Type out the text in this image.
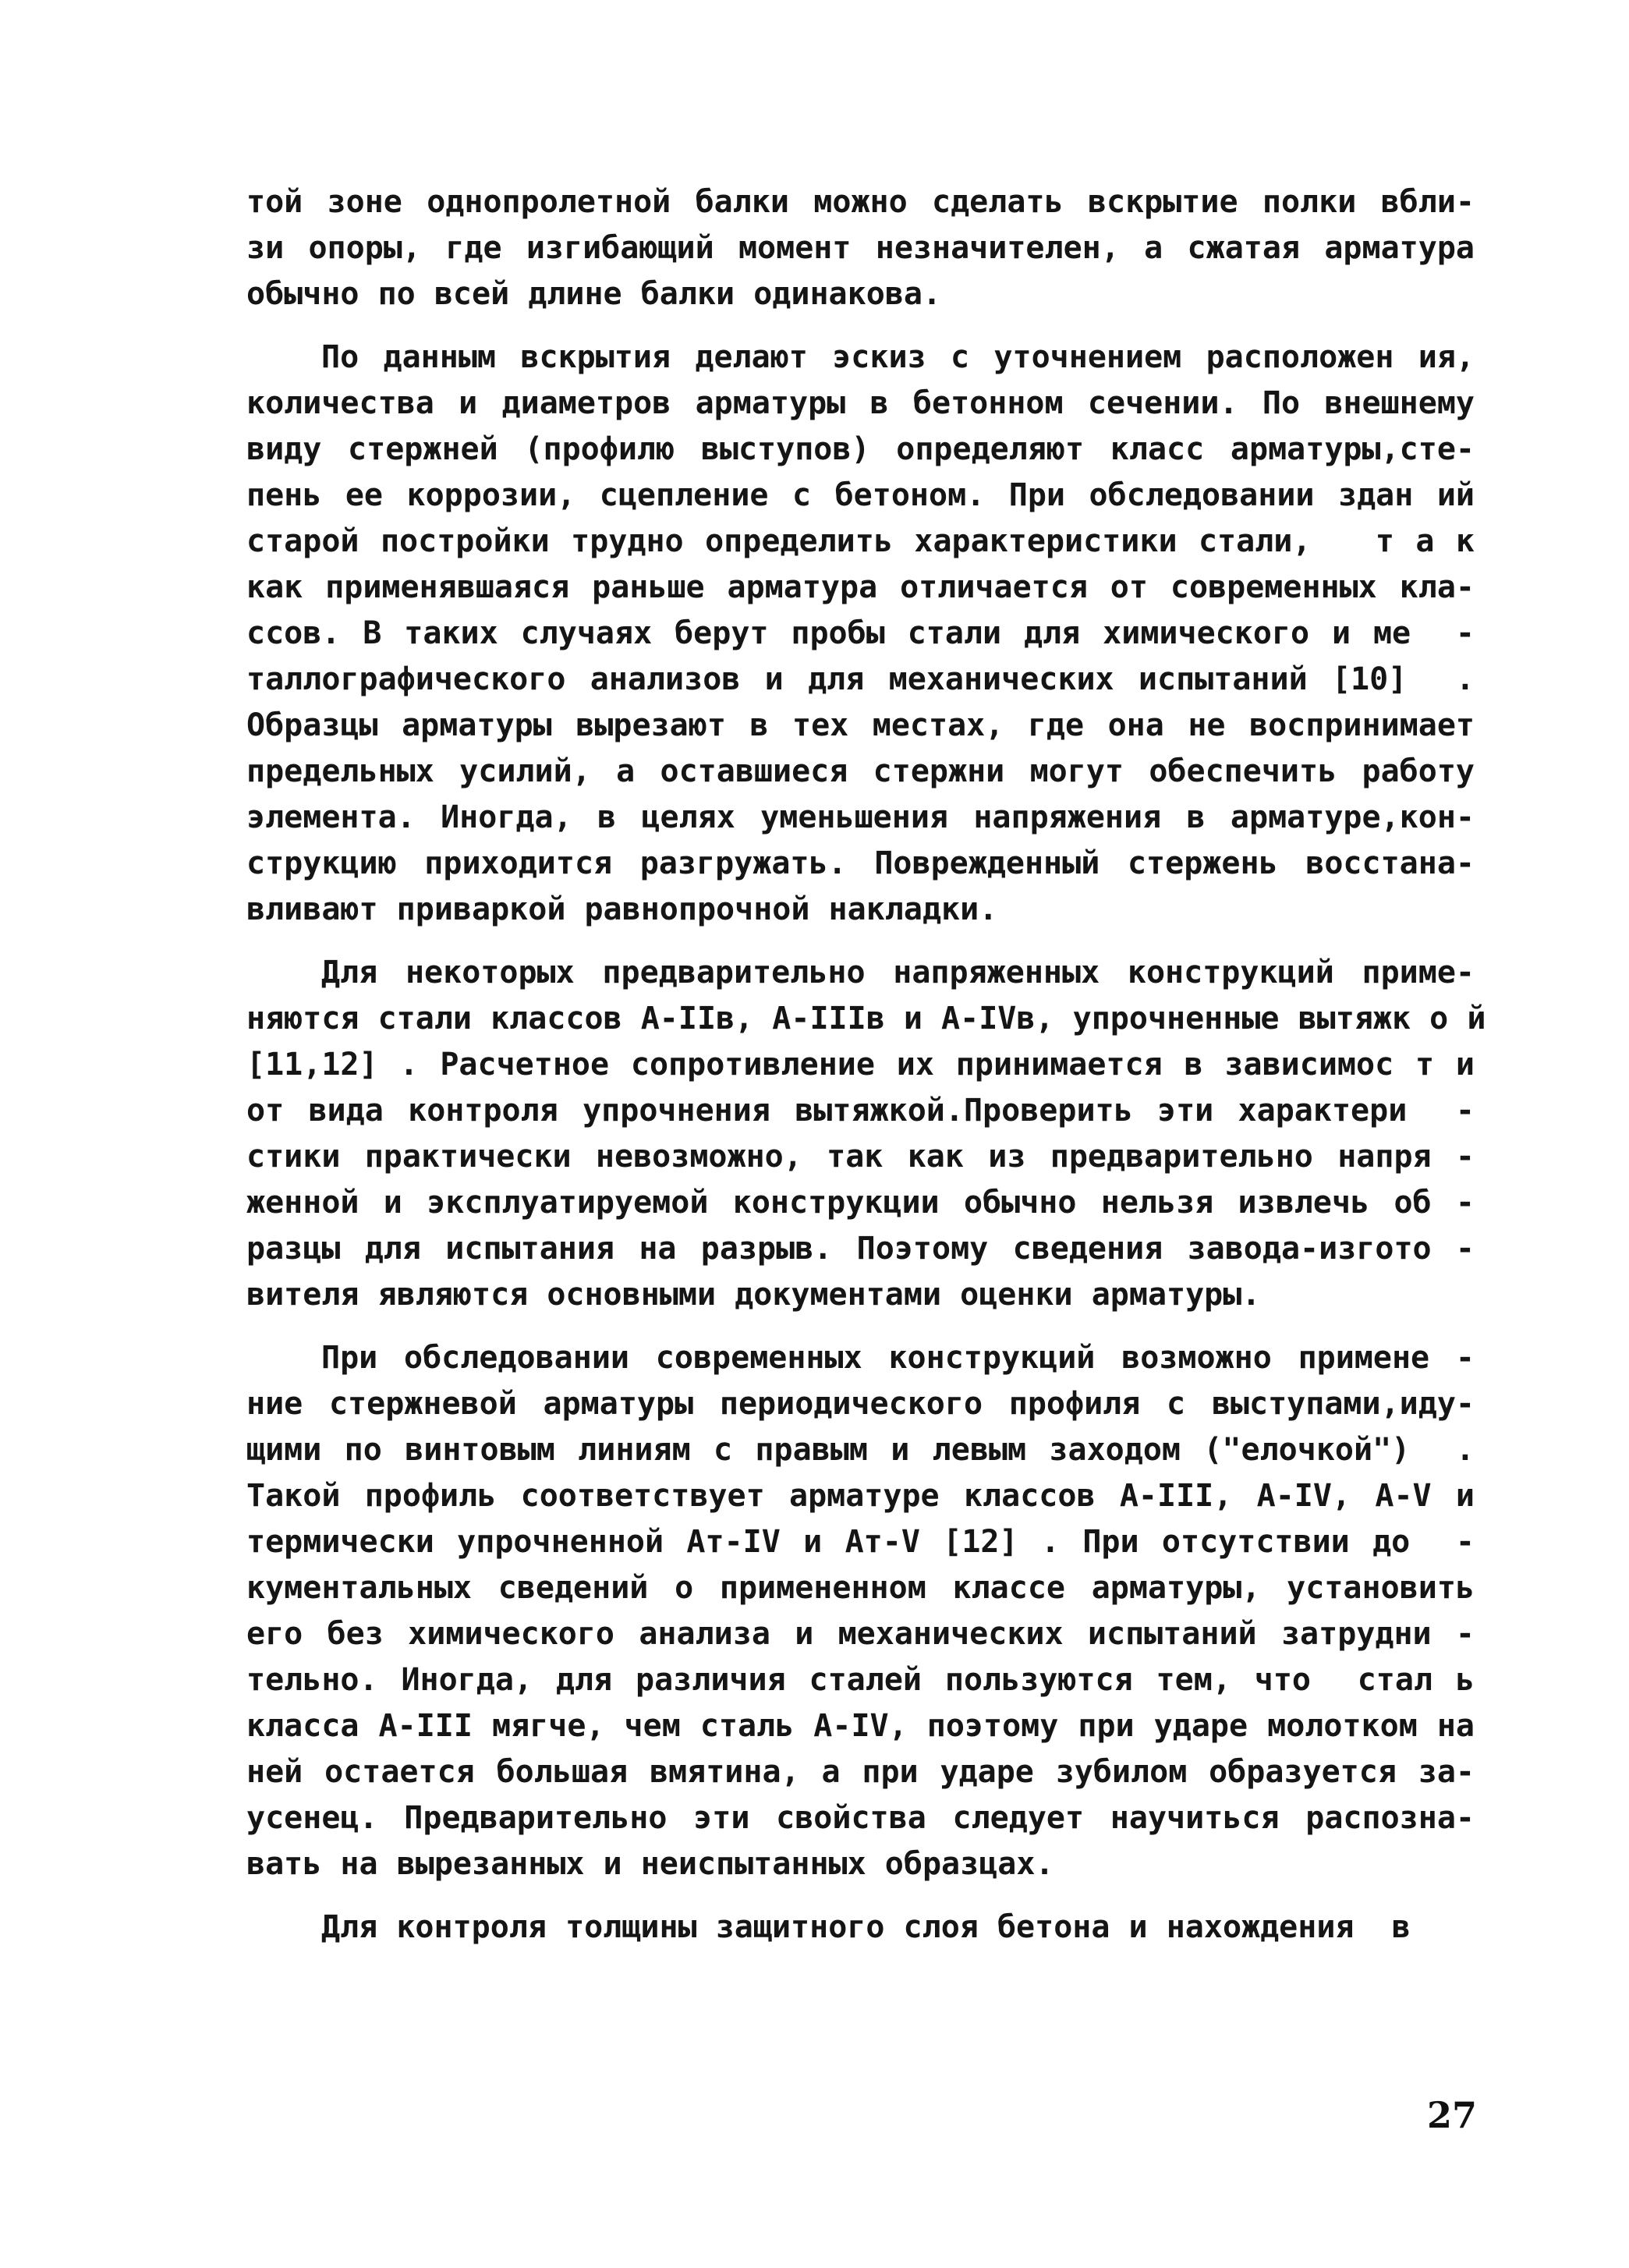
той зоне однопролетной балки можно сделать вскрытие полки вбли-
зи опоры, где изгибающий момент незначителен, а сжатая арматура
обычно по всей длине балки одинакова.
По данным вскрытия делают эскиз с уточнением расположен ия,
количества и диаметров арматуры в бетонном сечении. По внешнему
виду стержней (профилю выступов) определяют класс арматуры,сте-
пень ее коррозии, сцепление с бетоном. При обследовании здан ий
старой постройки трудно определить характеристики стали,   т а к
как применявшаяся раньше арматура отличается от современных кла-
ссов. В таких случаях берут пробы стали для химического и ме  -
таллографического анализов и для механических испытаний [10]  .
Образцы арматуры вырезают в тех местах, где она не воспринимает
предельных усилий, а оставшиеся стержни могут обеспечить работу
элемента. Иногда, в целях уменьшения напряжения в арматуре,кон-
струкцию приходится разгружать. Поврежденный стержень восстана-
вливают приваркой равнопрочной накладки.
Для некоторых предварительно напряженных конструкций приме-
няются стали классов А-IIв, А-IIIв и А-IVв, упрочненные вытяжк о й
[11,12] . Расчетное сопротивление их принимается в зависимос т и
от вида контроля упрочнения вытяжкой.Проверить эти характери  -
стики практически невозможно, так как из предварительно напря -
женной и эксплуатируемой конструкции обычно нельзя извлечь об -
разцы для испытания на разрыв. Поэтому сведения завода-изгото -
вителя являются основными документами оценки арматуры.
При обследовании современных конструкций возможно примене -
ние стержневой арматуры периодического профиля с выступами,иду-
щими по винтовым линиям с правым и левым заходом ("елочкой")  .
Такой профиль соответствует арматуре классов А-III, А-IV, А-V и
термически упрочненной Ат-IV и Ат-V [12] . При отсутствии до  -
кументальных сведений о примененном классе арматуры, установить
его без химического анализа и механических испытаний затрудни -
тельно. Иногда, для различия сталей пользуются тем, что  стал ь
класса А-III мягче, чем сталь А-IV, поэтому при ударе молотком на
ней остается большая вмятина, а при ударе зубилом образуется за-
усенец. Предварительно эти свойства следует научиться распозна-
вать на вырезанных и неиспытанных образцах.
Для контроля толщины защитного слоя бетона и нахождения  в
27
